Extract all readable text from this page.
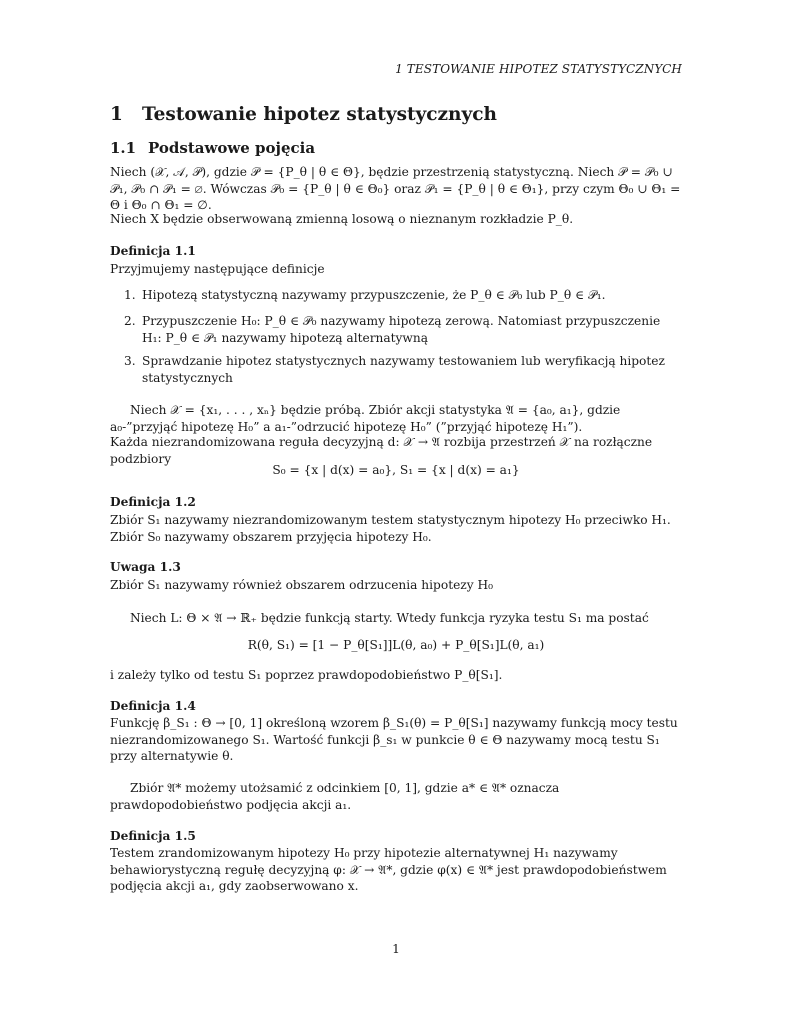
1 TESTOWANIE HIPOTEZ STATYSTYCZNYCH
1 Testowanie hipotez statystycznych
1.1 Podstawowe pojęcia
Niech (𝒳, 𝒜, 𝒫), gdzie 𝒫 = {P_θ | θ ∈ Θ}, będzie przestrzenią statystyczną. Niech 𝒫 = 𝒫₀ ∪ 𝒫₁, 𝒫₀ ∩ 𝒫₁ = ∅. Wówczas 𝒫₀ = {P_θ | θ ∈ Θ₀} oraz 𝒫₁ = {P_θ | θ ∈ Θ₁}, przy czym Θ₀ ∪ Θ₁ = Θ i Θ₀ ∩ Θ₁ = ∅.
Niech X będzie obserwowaną zmienną losową o nieznanym rozkładzie P_θ.
Definicja 1.1
Przyjmujemy następujące definicje
1. Hipotezą statystyczną nazywamy przypuszczenie, że P_θ ∈ 𝒫₀ lub P_θ ∈ 𝒫₁.
2. Przypuszczenie H₀: P_θ ∈ 𝒫₀ nazywamy hipotezą zerową. Natomiast przypuszczenie H₁: P_θ ∈ 𝒫₁ nazywamy hipotezą alternatywną
3. Sprawdzanie hipotez statystycznych nazywamy testowaniem lub weryfikacją hipotez statystycznych
Niech 𝒳 = {x₁, . . . , xₙ} będzie próbą. Zbiór akcji statystyka 𝔄 = {a₀, a₁}, gdzie a₀-”przyjąć hipotezę H₀” a a₁-”odrzucić hipotezę H₀” (”przyjąć hipotezę H₁”).
Każda niezrandomizowana reguła decyzyjną d: 𝒳 → 𝔄 rozbija przestrzeń 𝒳 na rozłączne podzbiory
S₀ = {x | d(x) = a₀}, S₁ = {x | d(x) = a₁}
Definicja 1.2
Zbiór S₁ nazywamy niezrandomizowanym testem statystycznym hipotezy H₀ przeciwko H₁. Zbiór S₀ nazywamy obszarem przyjęcia hipotezy H₀.
Uwaga 1.3
Zbiór S₁ nazywamy również obszarem odrzucenia hipotezy H₀
Niech L: Θ × 𝔄 → ℝ₊ będzie funkcją starty. Wtedy funkcja ryzyka testu S₁ ma postać
R(θ, S₁) = [1 − P_θ[S₁]]L(θ, a₀) + P_θ[S₁]L(θ, a₁)
i zależy tylko od testu S₁ poprzez prawdopodobieństwo P_θ[S₁].
Definicja 1.4
Funkcję β_S₁ : Θ → [0, 1] określoną wzorem β_S₁(θ) = P_θ[S₁] nazywamy funkcją mocy testu niezrandomizowanego S₁. Wartość funkcji β_s₁ w punkcie θ ∈ Θ nazywamy mocą testu S₁ przy alternatywie θ.
Zbiór 𝔄* możemy utożsamić z odcinkiem [0, 1], gdzie a* ∈ 𝔄* oznacza prawdopodobieństwo podjęcia akcji a₁.
Definicja 1.5
Testem zrandomizowanym hipotezy H₀ przy hipotezie alternatywnej H₁ nazywamy behawiorystyczną regułę decyzyjną φ: 𝒳 → 𝔄*, gdzie φ(x) ∈ 𝔄* jest prawdopodobieństwem podjęcia akcji a₁, gdy zaobserwowano x.
1
